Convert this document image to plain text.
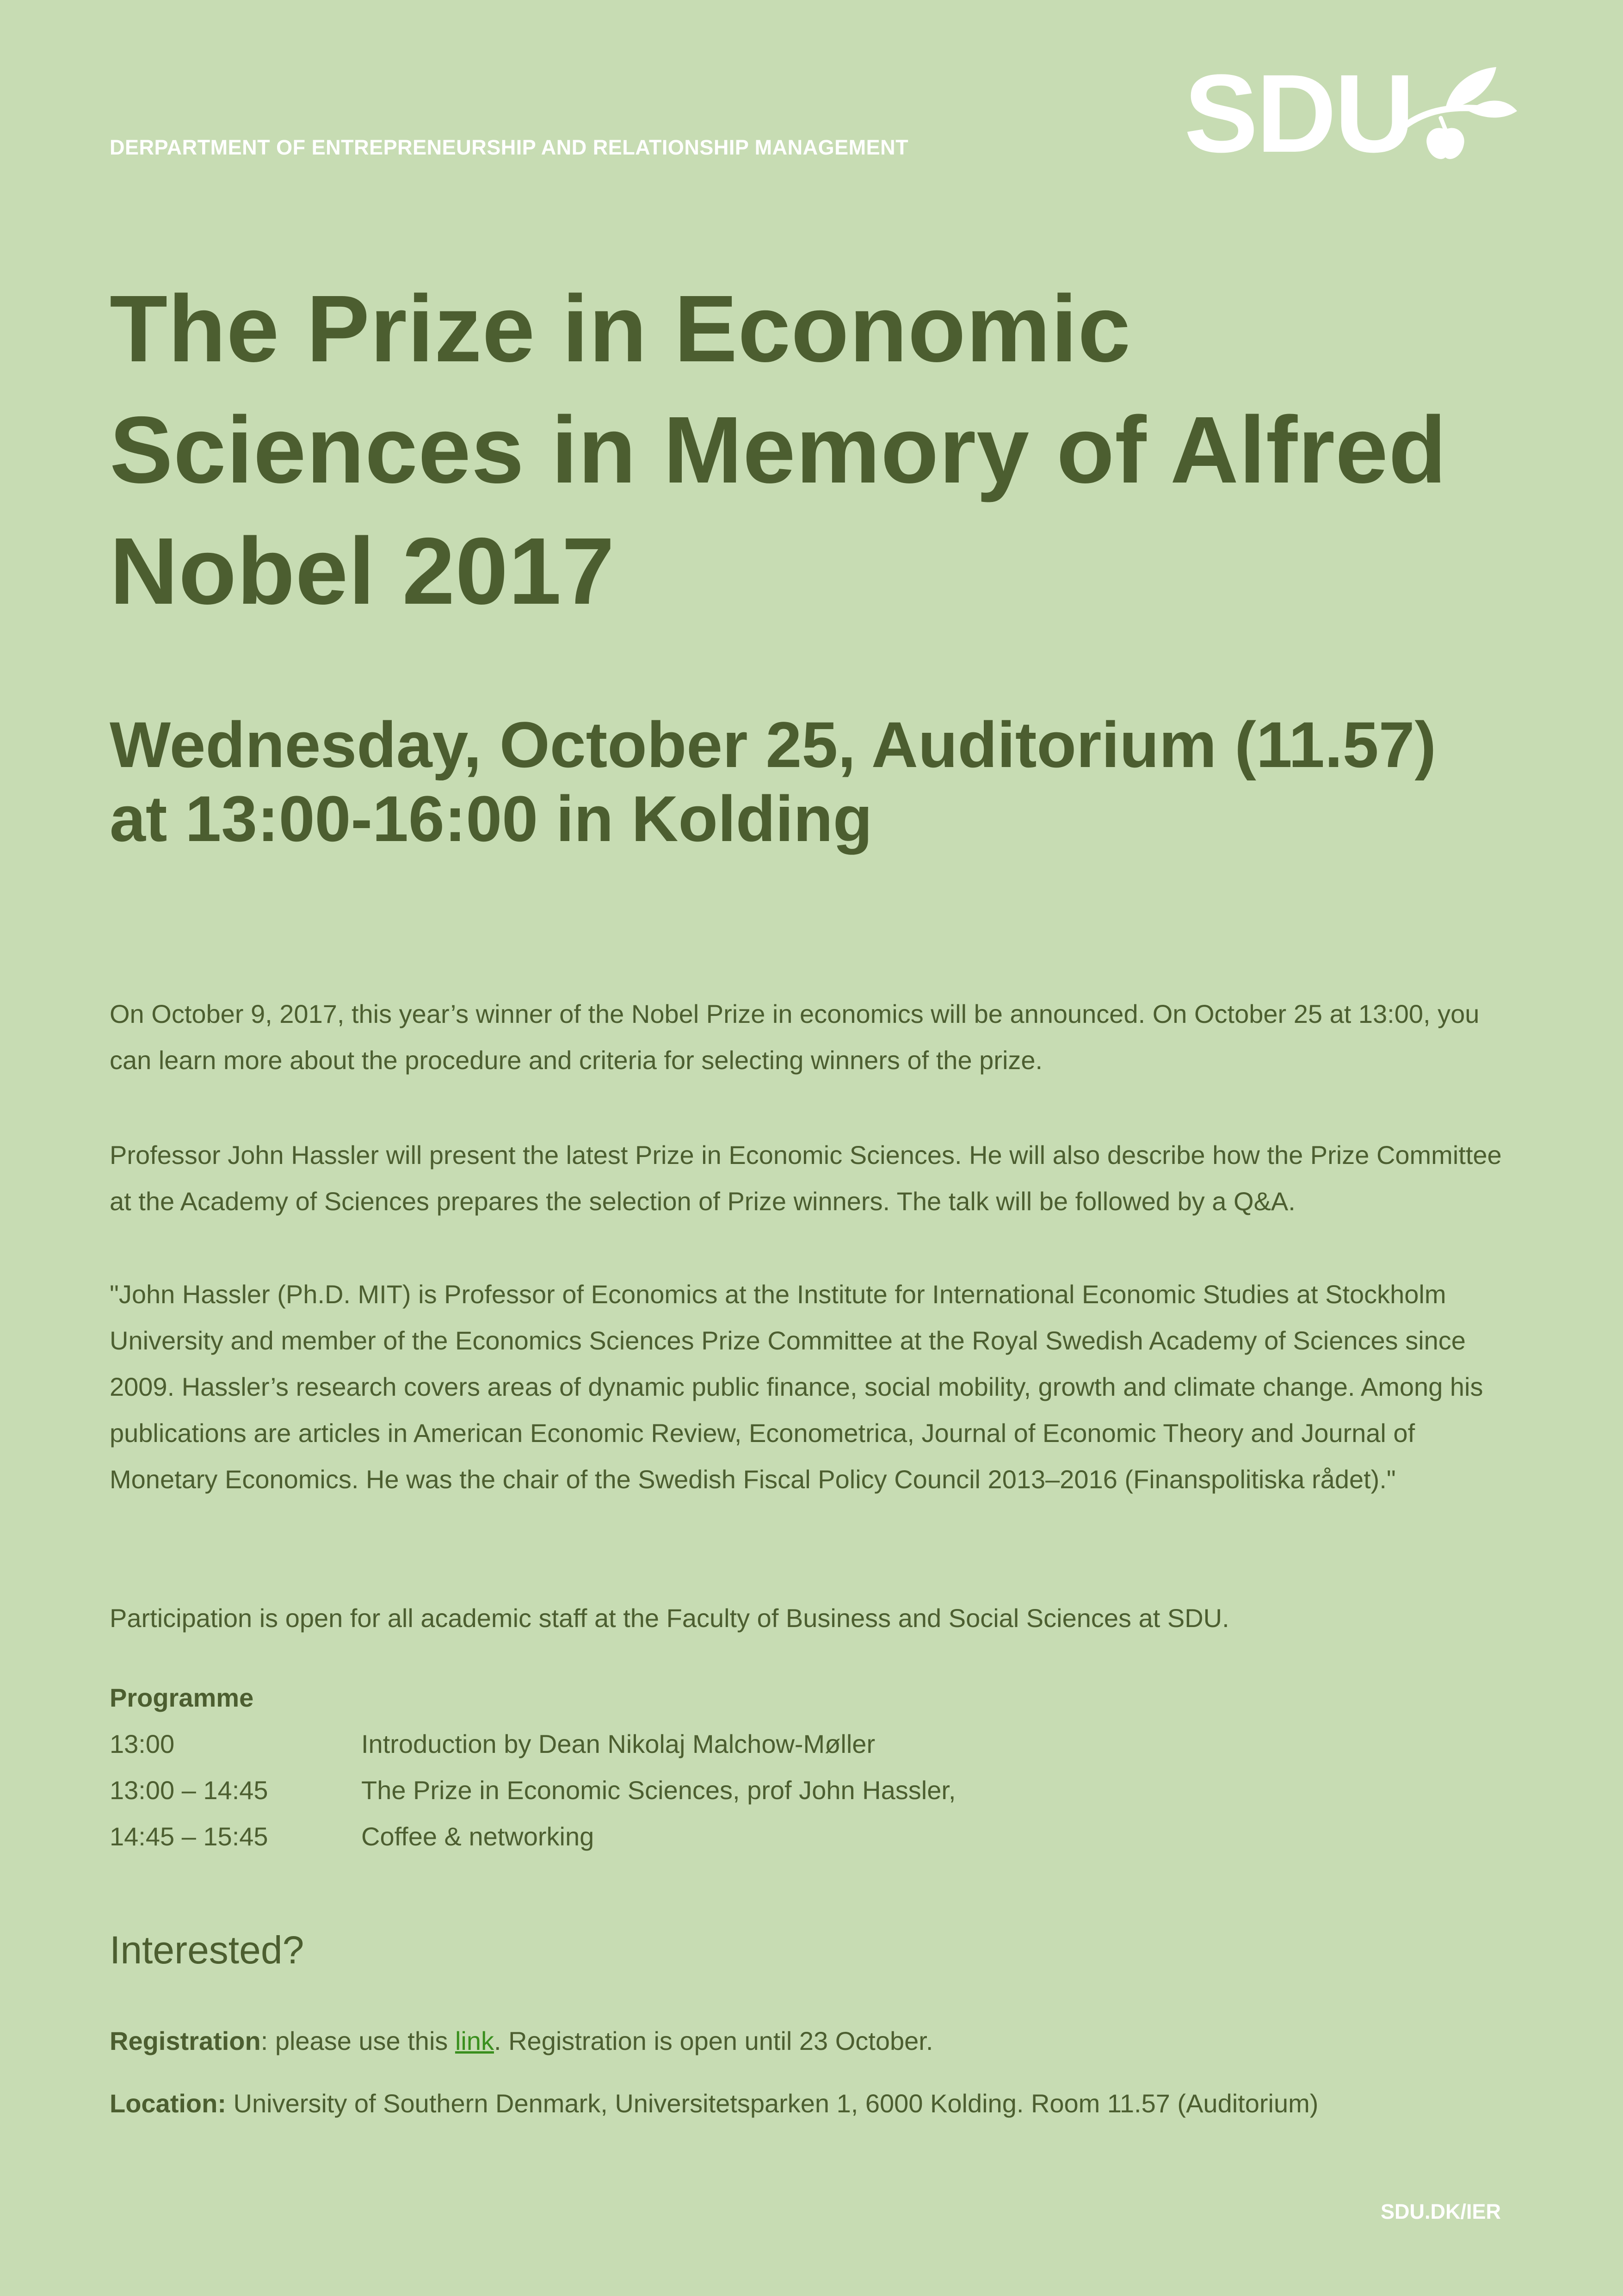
DERPARTMENT OF ENTREPRENEURSHIP AND RELATIONSHIP MANAGEMENT SDU
The Prize in Economic
Sciences in Memory of Alfred
Nobel 2017
Wednesday, October 25, Auditorium (11.57)
at 13:00-16:00 in Kolding
On October 9, 2017, this year’s winner of the Nobel Prize in economics will be announced. On October 25 at 13:00, you can learn more about the procedure and criteria for selecting winners of the prize.
Professor John Hassler will present the latest Prize in Economic Sciences. He will also describe how the Prize Committee at the Academy of Sciences prepares the selection of Prize winners. The talk will be followed by a Q&A.
"John Hassler (Ph.D. MIT) is Professor of Economics at the Institute for International Economic Studies at Stockholm University and member of the Economics Sciences Prize Committee at the Royal Swedish Academy of Sciences since 2009. Hassler’s research covers areas of dynamic public finance, social mobility, growth and climate change. Among his publications are articles in American Economic Review, Econometrica, Journal of Economic Theory and Journal of Monetary Economics. He was the chair of the Swedish Fiscal Policy Council 2013–2016 (Finanspolitiska rådet)."
Participation is open for all academic staff at the Faculty of Business and Social Sciences at SDU.
Programme
13:00	Introduction by Dean Nikolaj Malchow-Møller
13:00 – 14:45	The Prize in Economic Sciences, prof John Hassler,
14:45 – 15:45	Coffee & networking
Interested?
Registration: please use this link. Registration is open until 23 October.
Location: University of Southern Denmark, Universitetsparken 1, 6000 Kolding. Room 11.57 (Auditorium)
SDU.DK/IER
